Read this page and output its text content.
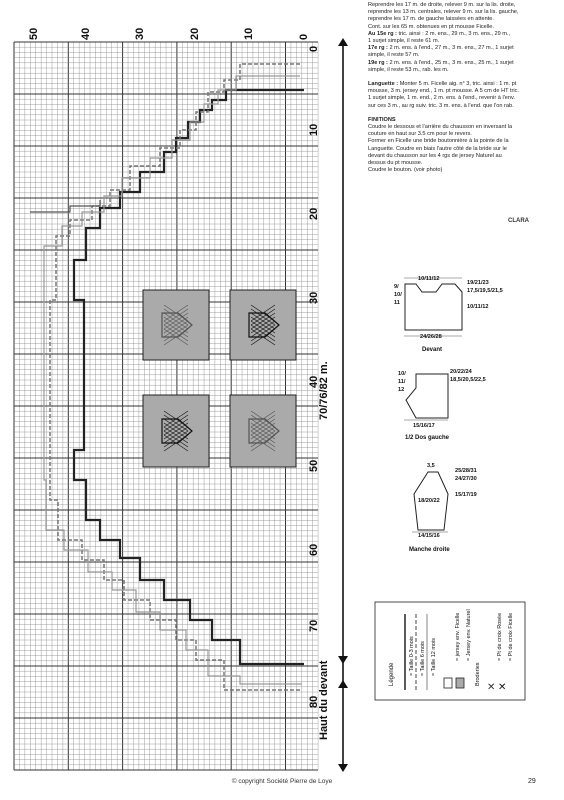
✕ ✕
50	40	30	20	10	0
0
10
20
30
40
50
60
70
80
70/76/82 m.
Haut du devant

Reprendre les 17 m. de droite, relever 9 m. sur la lis. droite,

reprendre les 13 m. centrales, relever 9 m. sur la lis. gauche,

reprendre les 17 m. de gauche laissées en attente.

Cont. sur les 65 m. obtenues en pt mousse Ficelle.

Au 15e rg : tric. ainsi : 2 m. ens., 29 m., 3 m. ens., 29 m.,

1 surjet simple, il reste 61 m.

17e rg : 2 m. ens. à l'end., 27 m., 3 m. ens., 27 m., 1 surjet

simple, il reste 57 m.

19e rg : 2 m. ens. à l'end., 25 m., 3 m. ens., 25 m., 1 surjet

simple, il reste 53 m., rab. les m.

Languette : Monter 5 m. Ficelle aig. n° 3, tric. ainsi : 1 m. pt

mousse, 3 m. jersey end., 1 m. pt mousse. A 5 cm de HT tric.

1 surjet simple, 1 m. end., 2 m. ens. à l'end., revenir à l'env.

sur ces 3 m., au rg suiv. tric. 3 m. ens. à l'end. que l'on rab.

FINITIONS

Coudre le dessous et l'arrière du chausson en inversant la

couture en haut sur 3.5 cm pour le revers.

Former en Ficelle une bride boutonnière à la pointe de la

Languette. Coudre en biais l'autre côté de la bride sur le

devant du chausson sur les 4 rgs de jersey Naturel au

dessus du pt mousse.

Coudre le bouton. (voir photo)

CLARA
10/11/12
9/
10/
11
19/21/23
17,5/19,5/21,5
10/11/12
24/26/28
Devant
10/
11/
12
20/22/24
18,5/20,5/22,5
15/16/17
1/2 Dos gauche
3,5
25/28/31
24/27/30
18/20/22
15/17/19
14/15/16
Manche droite
Légende	= Taille 0-3 mois = Taille 6 mois = Taille 12 mois	= jersey env. Ficelle = Jersey env. Naturel
Broderies
= Pt de croix Rosée = Pt de croix Ficelle
© copyright Société Pierre de Loye	29
